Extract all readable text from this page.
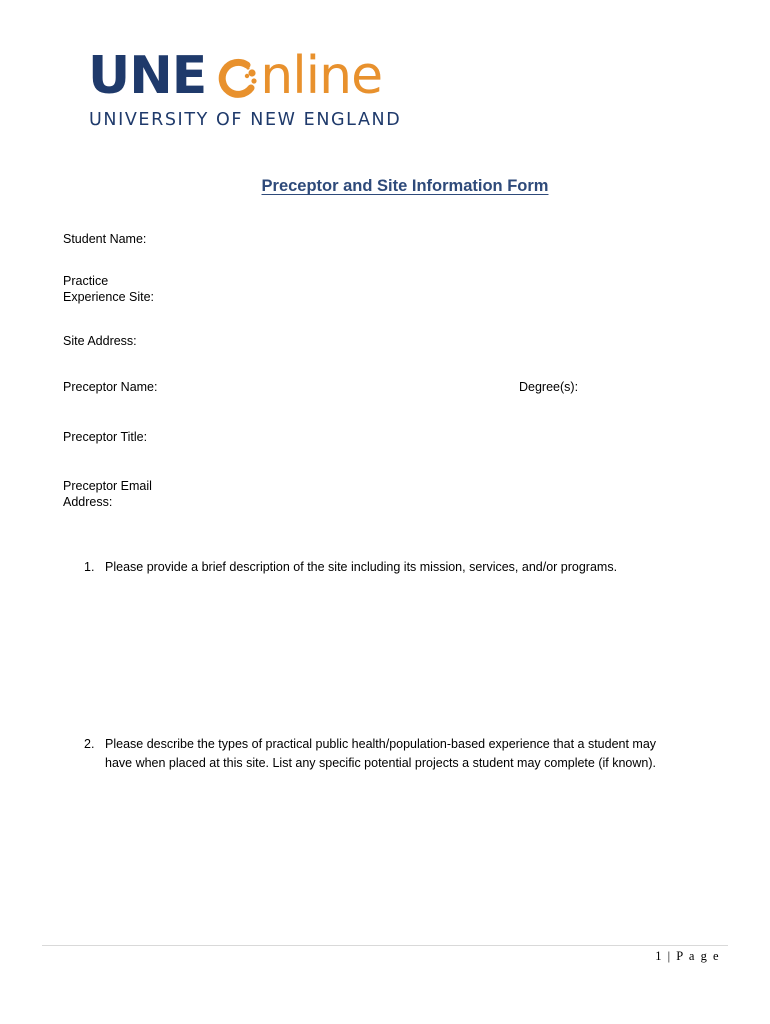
UNE nline
UNIVERSITY OF NEW ENGLAND
Preceptor and Site Information Form
Student Name:
Practice
Experience Site:
Site Address:
Preceptor Name:	Degree(s):
Preceptor Title:
Preceptor Email
Address:
1. Please provide a brief description of the site including its mission, services, and/or programs.
2. Please describe the types of practical public health/population-based experience that a student may have when placed at this site. List any specific potential projects a student may complete (if known).
1 | P a g e
